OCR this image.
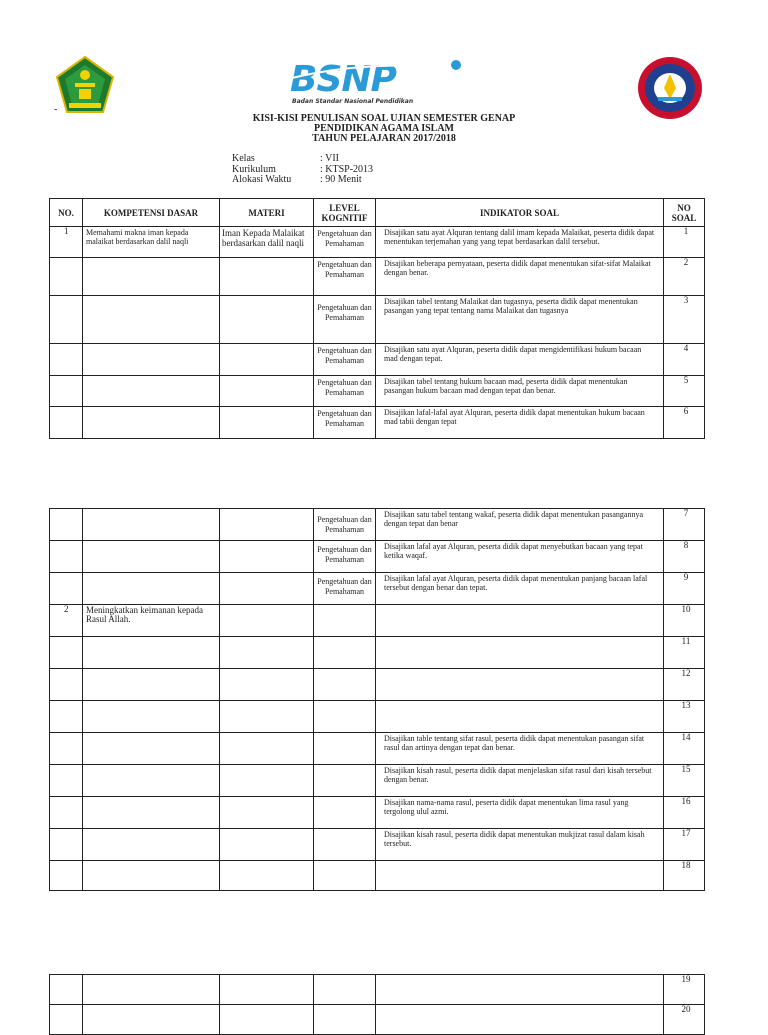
BSNP
Badan Standar Nasional Pendidikan
-
KISI-KISI PENULISAN SOAL UJIAN SEMESTER GENAP
PENDIDIKAN AGAMA ISLAM
TAHUN PELAJARAN 2017/2018
Kelas	: VII
Kurikulum	: KTSP-2013
Alokasi Waktu	: 90 Menit
NO.	KOMPETENSI DASAR	MATERI	LEVEL KOGNITIF	INDIKATOR SOAL	NO SOAL
1	Memahami makna iman kepada malaikat berdasarkan dalil naqli	Iman Kepada Malaikat berdasarkan dalil naqli	Pengetahuan dan Pemahaman	Disajikan satu ayat Alquran tentang dalil imam kepada Malaikat, peserta didik dapat menentukan terjemahan yang yang tepat berdasarkan dalil tersebut.	1
			Pengetahuan dan Pemahaman	Disajikan beberapa pernyataan, peserta didik dapat menentukan sifat-sifat Malaikat dengan benar.	2
			Pengetahuan dan Pemahaman	Disajikan tabel tentang Malaikat dan tugasnya, peserta didik dapat menentukan pasangan yang tepat tentang nama Malaikat dan tugasnya	3
			Pengetahuan dan Pemahaman	Disajikan satu ayat Alquran, peserta didik dapat mengidentifikasi hukum bacaan mad dengan tepat.	4
			Pengetahuan dan Pemahaman	Disajikan tabel tentang hukum bacaan mad, peserta didik dapat menentukan pasangan hukum bacaan mad dengan tepat dan benar.	5
			Pengetahuan dan Pemahaman	Disajikan lafal-lafal ayat Alquran, peserta didik dapat menentukan hukum bacaan mad tabii dengan tepat	6
			Pengetahuan dan Pemahaman	Disajikan satu tabel tentang wakaf, peserta didik dapat menentukan pasangannya dengan tepat dan benar	7
			Pengetahuan dan Pemahaman	Disajikan lafal ayat Alquran, peserta didik dapat menyebutkan bacaan yang tepat ketika waqaf.	8
			Pengetahuan dan Pemahaman	Disajikan lafal ayat Alquran, peserta didik dapat menentukan panjang bacaan lafal tersebut dengan benar dan tepat.	9
2	Meningkatkan keimanan kepada Rasul Allah.				10
					11
					12
					13
				Disajikan table tentang sifat rasul, peserta didik dapat menentukan pasangan sifat rasul dan artinya dengan tepat dan benar.	14
				Disajikan kisah rasul, peserta didik dapat menjelaskan sifat rasul dari kisah tersebut dengan benar.	15
				Disajikan nama-nama rasul, peserta didik dapat menentukan lima rasul yang tergolong ulul azmi.	16
				Disajikan kisah rasul, peserta didik dapat menentukan mukjizat rasul dalam kisah tersebut.	17
					18
					19
					20
